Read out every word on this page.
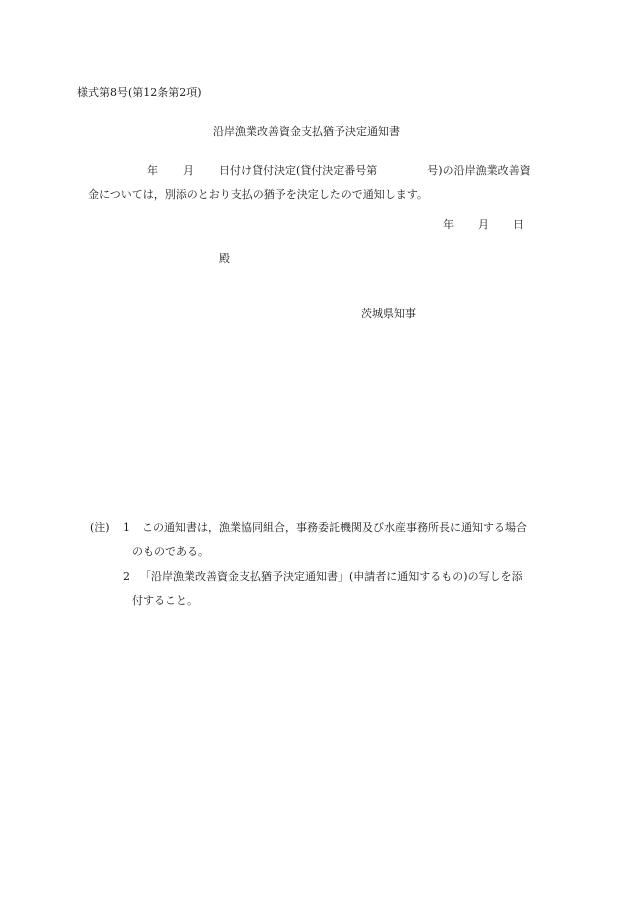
様式第8号(第12条第2項)
沿岸漁業改善資金支払猶予決定通知書
年 月 日付け貸付決定(貸付決定番号第	号)の沿岸漁業改善資
金については，別添のとおり支払の猶予を決定したので通知します。
年 月 日
殿
茨城県知事
(注) 1 この通知書は，漁業協同組合，事務委託機関及び水産事務所長に通知する場合
のものである。
2 「沿岸漁業改善資金支払猶予決定通知書」(申請者に通知するもの)の写しを添
付すること。
